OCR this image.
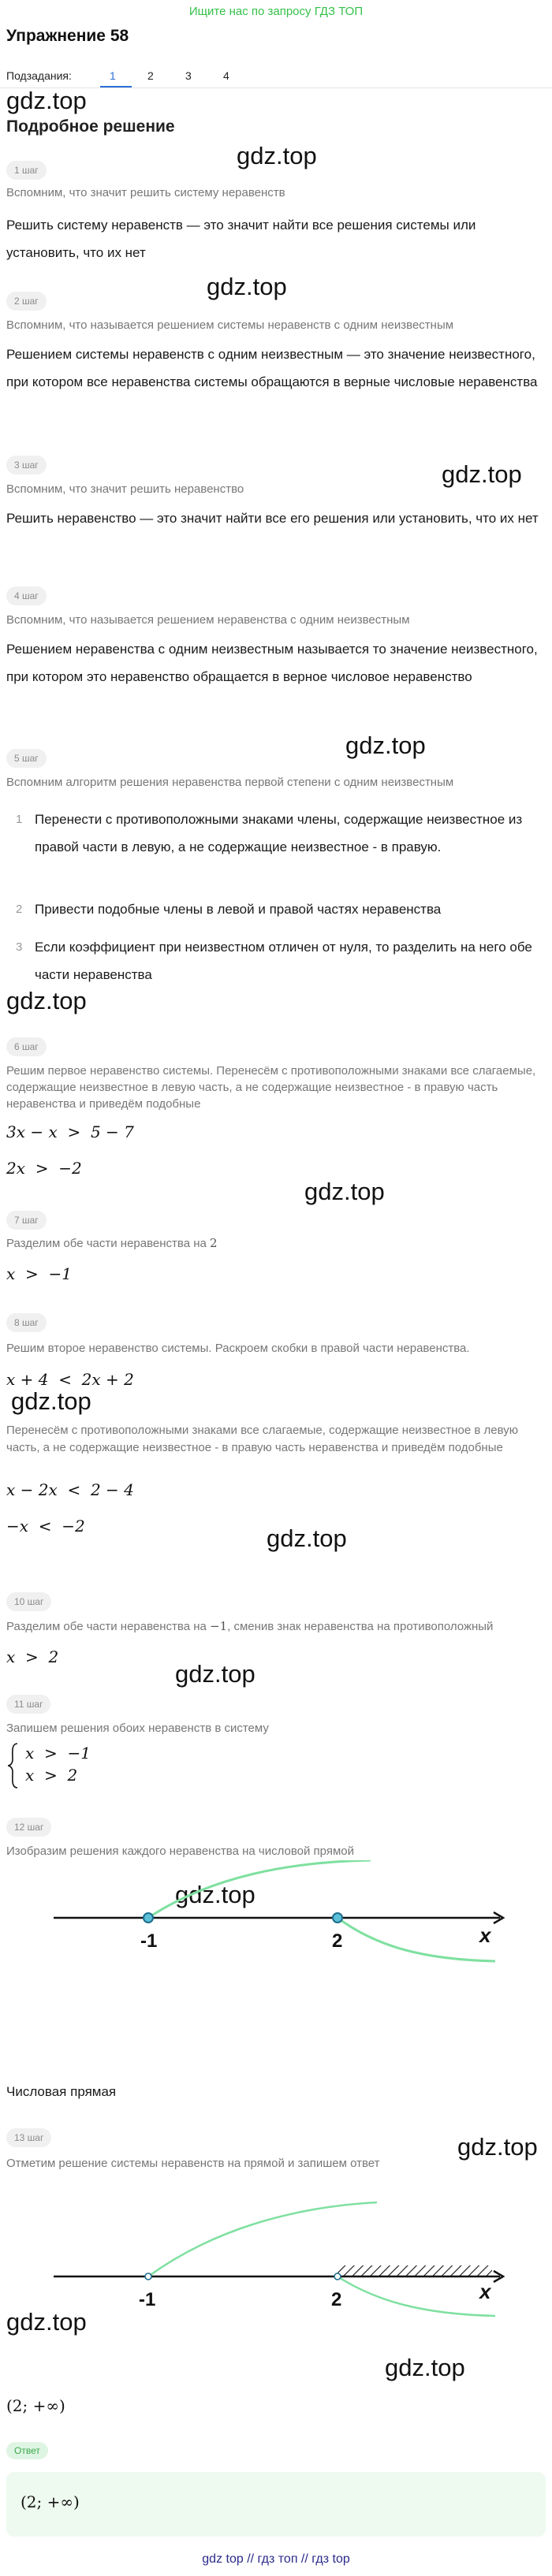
Ищите нас по запросу ГДЗ ТОП
Упражнение 58
Подзадания:	1	2	3	4
gdz.top
Подробное решение
gdz.top
1 шаг
Вспомним, что значит решить систему неравенств
Решить систему неравенств — это значит найти все решения системы или установить, что их нет
gdz.top
2 шаг
Вспомним, что называется решением системы неравенств с одним неизвестным
Решением системы неравенств с одним неизвестным — это значение неизвестного, при котором все неравенства системы обращаются в верные числовые неравенства
3 шаг	gdz.top
Вспомним, что значит решить неравенство
Решить неравенство — это значит найти все его решения или установить, что их нет
4 шаг
Вспомним, что называется решением неравенства с одним неизвестным
Решением неравенства с одним неизвестным называется то значение неизвестного, при котором это неравенство обращается в верное числовое неравенство
gdz.top
5 шаг
Вспомним алгоритм решения неравенства первой степени с одним неизвестным
1 Перенести с противоположными знаками члены, содержащие неизвестное из правой части в левую, а не содержащие неизвестное - в правую.
2 Привести подобные члены в левой и правой частях неравенства
3 Если коэффициент при неизвестном отличен от нуля, то разделить на него обе части неравенства
gdz.top
6 шаг
Решим первое неравенство системы. Перенесём с противоположными знаками все слагаемые, содержащие неизвестное в левую часть, а не содержащие неизвестное - в правую часть неравенства и приведём подобные
3x − x  >  5 − 7
2x  >  −2
gdz.top
7 шаг
Разделим обе части неравенства на 2
x  >  −1
8 шаг
Решим второе неравенство системы. Раскроем скобки в правой части неравенства.
x + 4  <  2x + 2
gdz.top
Перенесём с противоположными знаками все слагаемые, содержащие неизвестное в левую часть, а не содержащие неизвестное - в правую часть неравенства и приведём подобные
x − 2x  <  2 − 4
gdz.top
−x  <  −2
10 шаг
Разделим обе части неравенства на −1, сменив знак неравенства на противоположный
x  >  2
gdz.top
11 шаг
Запишем решения обоих неравенств в систему
x  >  −1
x  >  2
12 шаг
Изобразим решения каждого неравенства на числовой прямой
gdz.top
-1	2	x
Числовая прямая
13 шаг	gdz.top
Отметим решение системы неравенств на прямой и запишем ответ
-1	2	x
gdz.top
gdz.top
(2; +∞)
Ответ
(2; +∞)
gdz top // гдз топ // гдз top
